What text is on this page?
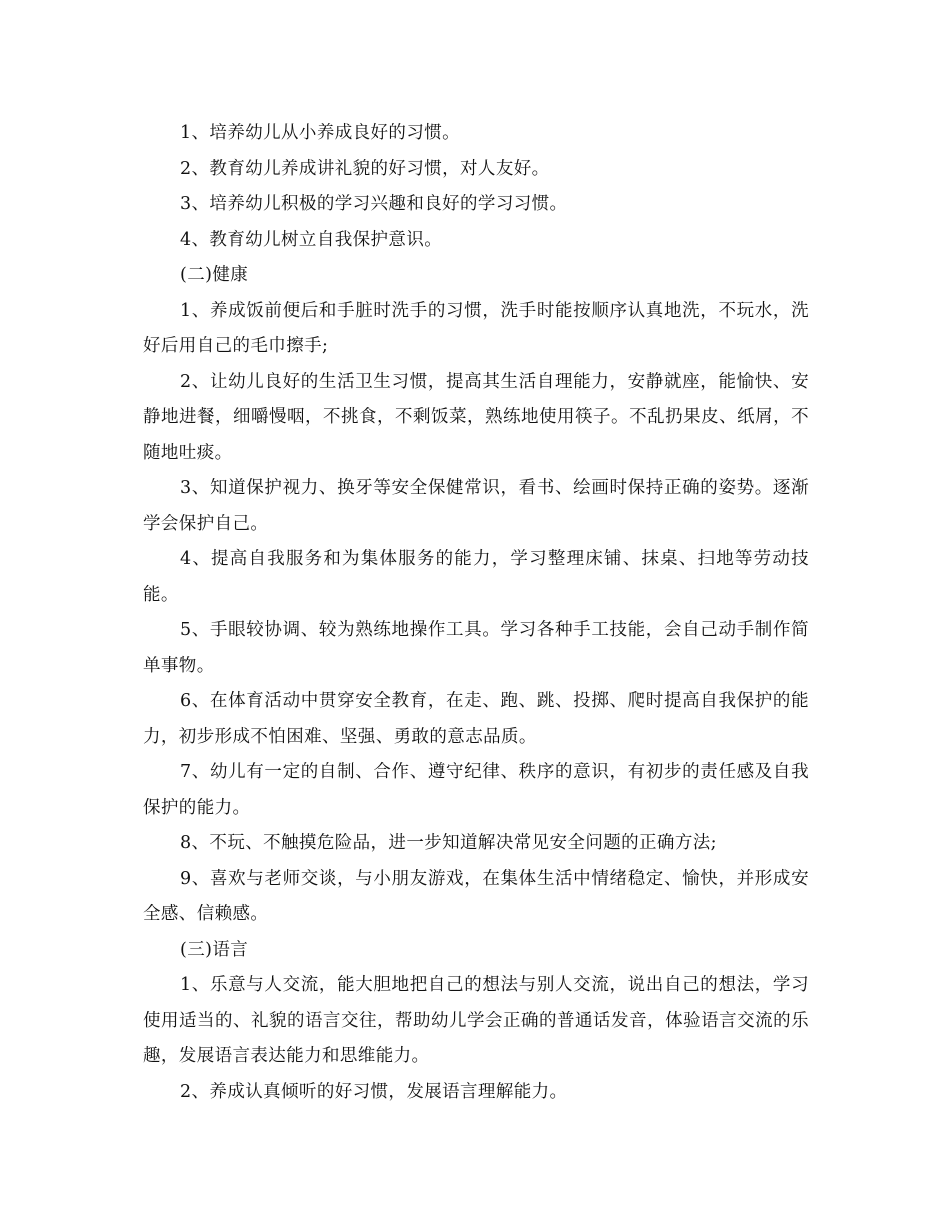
1、培养幼儿从小养成良好的习惯。

2、教育幼儿养成讲礼貌的好习惯，对人友好。

3、培养幼儿积极的学习兴趣和良好的学习习惯。

4、教育幼儿树立自我保护意识。

(二)健康

1、养成饭前便后和手脏时洗手的习惯，洗手时能按顺序认真地洗，不玩水，洗好后用自己的毛巾擦手;

2、让幼儿良好的生活卫生习惯，提高其生活自理能力，安静就座，能愉快、安静地进餐，细嚼慢咽，不挑食，不剩饭菜，熟练地使用筷子。不乱扔果皮、纸屑，不随地吐痰。

3、知道保护视力、换牙等安全保健常识，看书、绘画时保持正确的姿势。逐渐学会保护自己。

4、提高自我服务和为集体服务的能力，学习整理床铺、抹桌、扫地等劳动技能。

5、手眼较协调、较为熟练地操作工具。学习各种手工技能，会自己动手制作简单事物。

6、在体育活动中贯穿安全教育，在走、跑、跳、投掷、爬时提高自我保护的能力，初步形成不怕困难、坚强、勇敢的意志品质。

7、幼儿有一定的自制、合作、遵守纪律、秩序的意识，有初步的责任感及自我保护的能力。

8、不玩、不触摸危险品，进一步知道解决常见安全问题的正确方法;

9、喜欢与老师交谈，与小朋友游戏，在集体生活中情绪稳定、愉快，并形成安全感、信赖感。

(三)语言

1、乐意与人交流，能大胆地把自己的想法与别人交流，说出自己的想法，学习使用适当的、礼貌的语言交往，帮助幼儿学会正确的普通话发音，体验语言交流的乐趣，发展语言表达能力和思维能力。

2、养成认真倾听的好习惯，发展语言理解能力。
